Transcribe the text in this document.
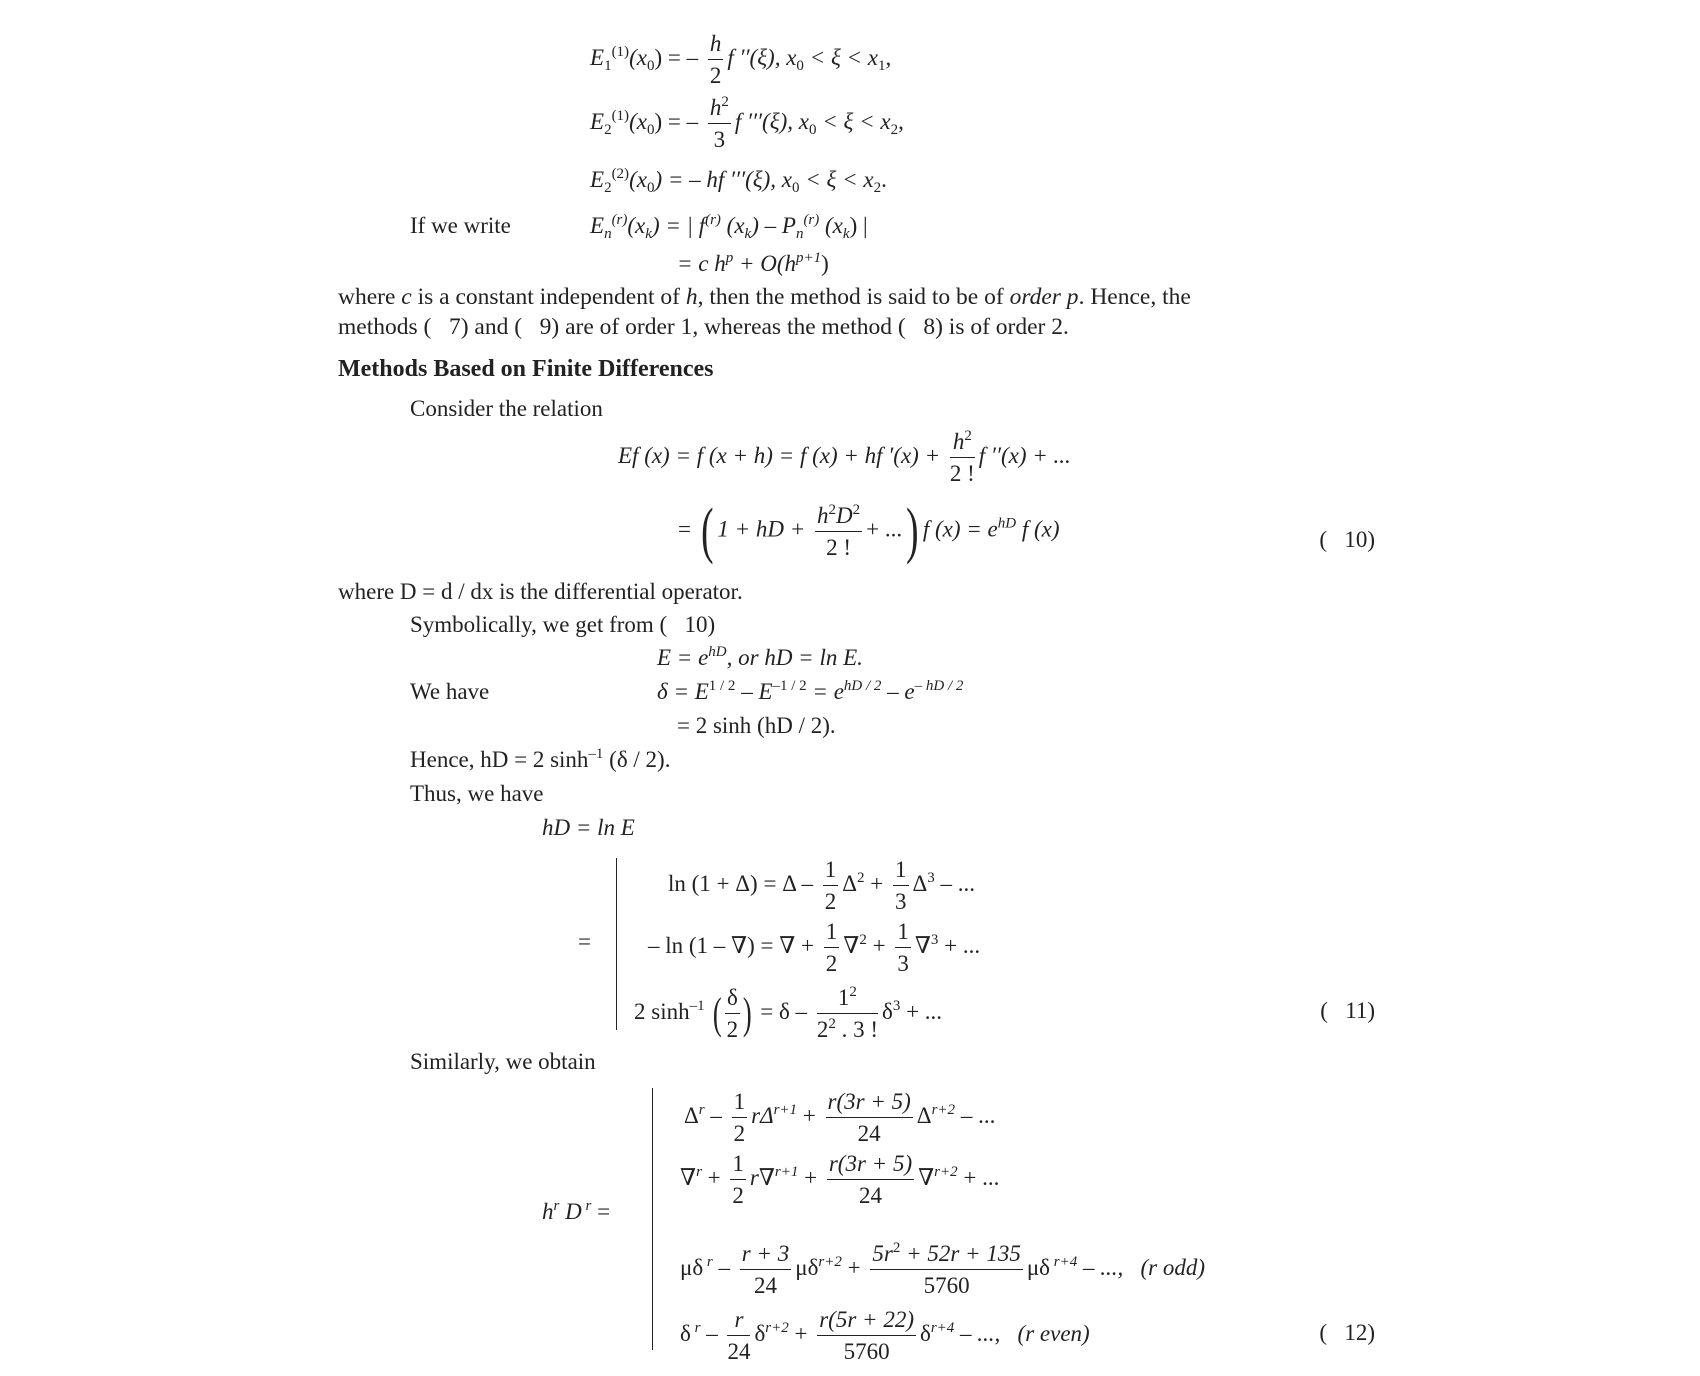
$E_1^{(1)}(x_0)$ = – $\frac{h}{2}$ f ′′(ξ), $x_0 < \xi < x_1$,
$E_2^{(1)}(x_0)$ = – $\frac{h^2}{3}$ f ′′′(ξ), $x_0 < \xi < x_2$,
$E_2^{(2)}(x_0)$ = – hf ′′′(ξ), $x_0 < \xi < x_2$.
If we write	$E_n^{(r)}(x_k)$ = | $f^{(r)}$ $(x_k) - P_n^{(r)}$ $(x_k)$ |
= c $h^p + O(h^{p+1})$
where c is a constant independent of h, then the method is said to be of order p. Hence, the
methods (  7) and (  9) are of order 1, whereas the method (  8) is of order 2.
Methods Based on Finite Differences
Consider the relation
Ef (x) = f (x + h) = f (x) + hf $'(x) + \frac{h^2}{2 !}$ f ′′(x) + ...
= ( 1 + hD + $\frac{h^2D^2}{2 !}$ + ...) f $(x) = e^{hD}$ f (x)	(  10)
where D = d / dx is the differential operator.
Symbolically, we get from (  10)
$E = e^{hD}$, or hD = ln E.
We have	$\delta = E^{1 / 2} - E^{-1 / 2} = e^{hD / 2} - e^{- hD / 2}$
= 2 sinh (hD / 2).
Hence, hD = 2 $\sinh^{-1} (\delta / 2)$.
Thus, we have
hD = ln E
=
$\ln (1 + \Delta) = \Delta - \frac{1}{2} \Delta^2 + \frac{1}{3} \Delta^3$ – ...
– ln (1 – ∇) = ∇ + $\frac{1}{2} \nabla^2 + \frac{1}{3} \nabla^3$ + ...
2 $\sinh^{-1}$ ( $\frac{\delta}{2}$ ) = δ – $\frac{1^2}{2^2 . 3 !} \delta^3$ + ...	(  11)
Similarly, we obtain
$h^r$ D $^r$ =
$\Delta^r - \frac{1}{2} r\Delta^{r+1} + \frac{r(3r + 5)}{24} \Delta^{r+2}$ – ...
$\nabla^r + \frac{1}{2} r\nabla^{r+1} + \frac{r(3r + 5)}{24} \nabla^{r+2}$ + ...
μδ $^r - \frac{r + 3}{24} \mu\delta^{r+2} + \frac{5r^2 + 52r + 135}{5760}$ μδ $^{r+4}$ – ...,  (r odd)
δ $^r - \frac{r}{24} \delta^{r+2} + \frac{r(5r + 22)}{5760} \delta^{r+4}$ – ...,  (r even)	(  12)
